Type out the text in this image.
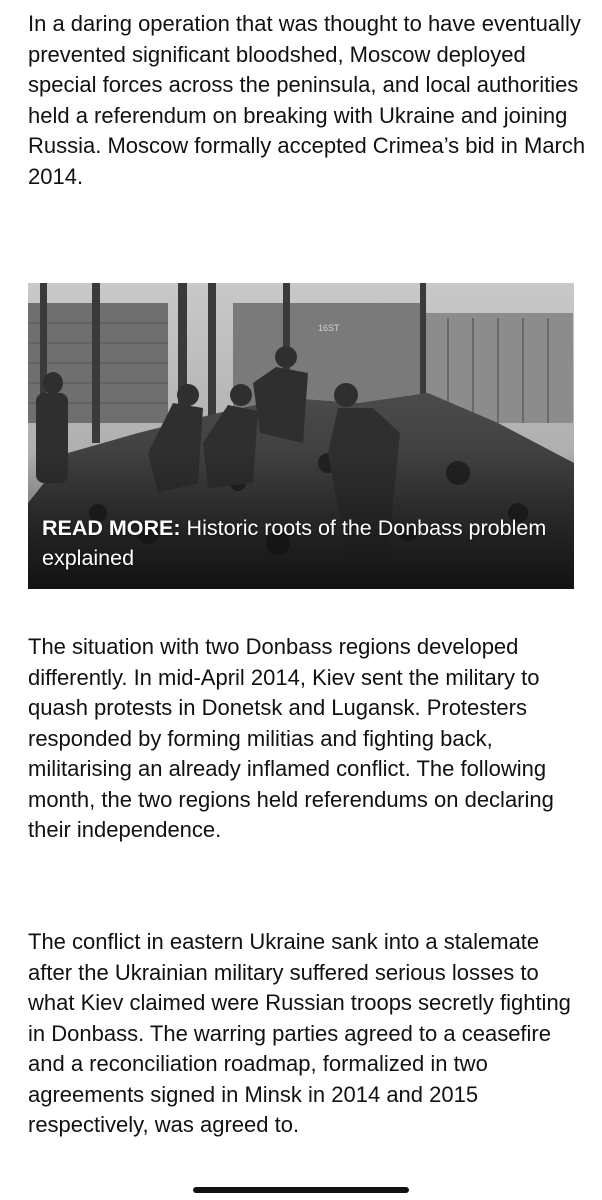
In a daring operation that was thought to have eventually prevented significant bloodshed, Moscow deployed special forces across the peninsula, and local authorities held a referendum on breaking with Ukraine and joining Russia. Moscow formally accepted Crimea’s bid in March 2014.

READ MORE: Historic roots of the Donbass problem explained

The situation with two Donbass regions developed differently. In mid-April 2014, Kiev sent the military to quash protests in Donetsk and Lugansk. Protesters responded by forming militias and fighting back, militarising an already inflamed conflict. The following month, the two regions held referendums on declaring their independence.

The conflict in eastern Ukraine sank into a stalemate after the Ukrainian military suffered serious losses to what Kiev claimed were Russian troops secretly fighting in Donbass. The warring parties agreed to a ceasefire and a reconciliation roadmap, formalized in two agreements signed in Minsk in 2014 and 2015 respectively, was agreed to.
